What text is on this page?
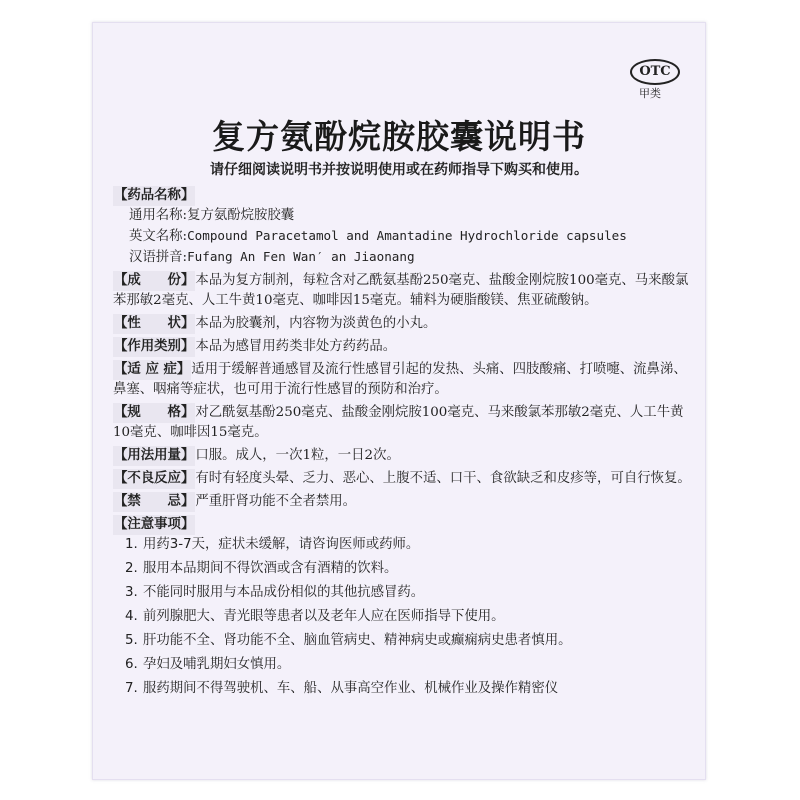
OTC
甲类
复方氨酚烷胺胶囊说明书
请仔细阅读说明书并按说明使用或在药师指导下购买和使用。
【药品名称】
通用名称:复方氨酚烷胺胶囊
英文名称:Compound Paracetamol and Amantadine Hydrochloride capsules
汉语拼音:Fufang An Fen Wan′ an Jiaonang
【成　　份】本品为复方制剂，每粒含对乙酰氨基酚250毫克、盐酸金刚烷胺100毫克、马来酸氯苯那敏2毫克、人工牛黄10毫克、咖啡因15毫克。辅料为硬脂酸镁、焦亚硫酸钠。
【性　　状】本品为胶囊剂，内容物为淡黄色的小丸。
【作用类别】本品为感冒用药类非处方药药品。
【适 应 症】适用于缓解普通感冒及流行性感冒引起的发热、头痛、四肢酸痛、打喷嚏、流鼻涕、鼻塞、咽痛等症状，也可用于流行性感冒的预防和治疗。
【规　　格】对乙酰氨基酚250毫克、盐酸金刚烷胺100毫克、马来酸氯苯那敏2毫克、人工牛黄10毫克、咖啡因15毫克。
【用法用量】口服。成人，一次1粒，一日2次。
【不良反应】有时有轻度头晕、乏力、恶心、上腹不适、口干、食欲缺乏和皮疹等，可自行恢复。
【禁　　忌】严重肝肾功能不全者禁用。
【注意事项】
1. 用药3-7天，症状未缓解，请咨询医师或药师。
2. 服用本品期间不得饮酒或含有酒精的饮料。
3. 不能同时服用与本品成份相似的其他抗感冒药。
4. 前列腺肥大、青光眼等患者以及老年人应在医师指导下使用。
5. 肝功能不全、肾功能不全、脑血管病史、精神病史或癫痫病史患者慎用。
6. 孕妇及哺乳期妇女慎用。
7. 服药期间不得驾驶机、车、船、从事高空作业、机械作业及操作精密仪
